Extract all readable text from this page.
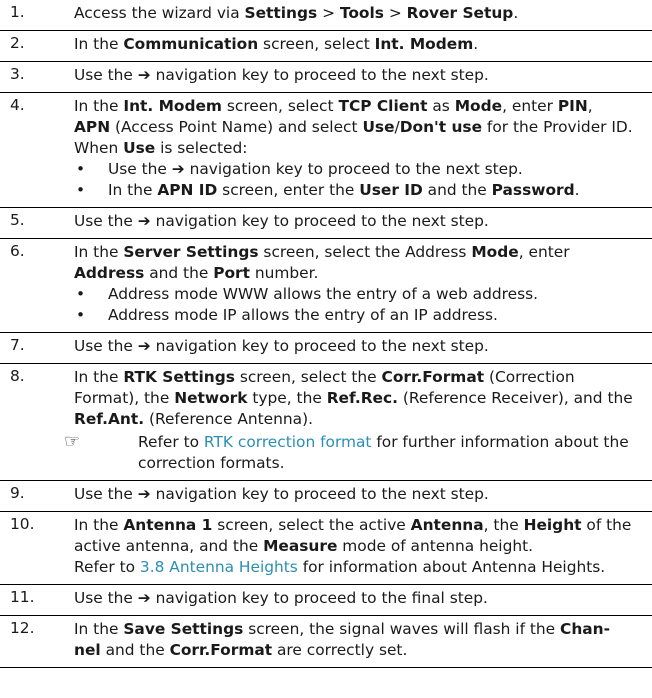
1.	Access the wizard via Settings > Tools > Rover Setup.
2.	In the Communication screen, select Int. Modem.
3.	Use the ➔ navigation key to proceed to the next step.
4.	In the Int. Modem screen, select TCP Client as Mode, enter PIN,
APN (Access Point Name) and select Use/Don't use for the Provider ID.
When Use is selected:
• Use the ➔ navigation key to proceed to the next step.
• In the APN ID screen, enter the User ID and the Password.
5.	Use the ➔ navigation key to proceed to the next step.
6.	In the Server Settings screen, select the Address Mode, enter
Address and the Port number.
• Address mode WWW allows the entry of a web address.
• Address mode IP allows the entry of an IP address.
7.	Use the ➔ navigation key to proceed to the next step.
8.	In the RTK Settings screen, select the Corr.Format (Correction Format), the Network type, the Ref.Rec. (Reference Receiver), and the Ref.Ant. (Reference Antenna).
☞	Refer to RTK correction format for further information about the correction formats.
9.	Use the ➔ navigation key to proceed to the next step.
10.	In the Antenna 1 screen, select the active Antenna, the Height of the active antenna, and the Measure mode of antenna height.
Refer to 3.8 Antenna Heights for information about Antenna Heights.
11.	Use the ➔ navigation key to proceed to the final step.
12.	In the Save Settings screen, the signal waves will flash if the Chan-
nel and the Corr.Format are correctly set.
